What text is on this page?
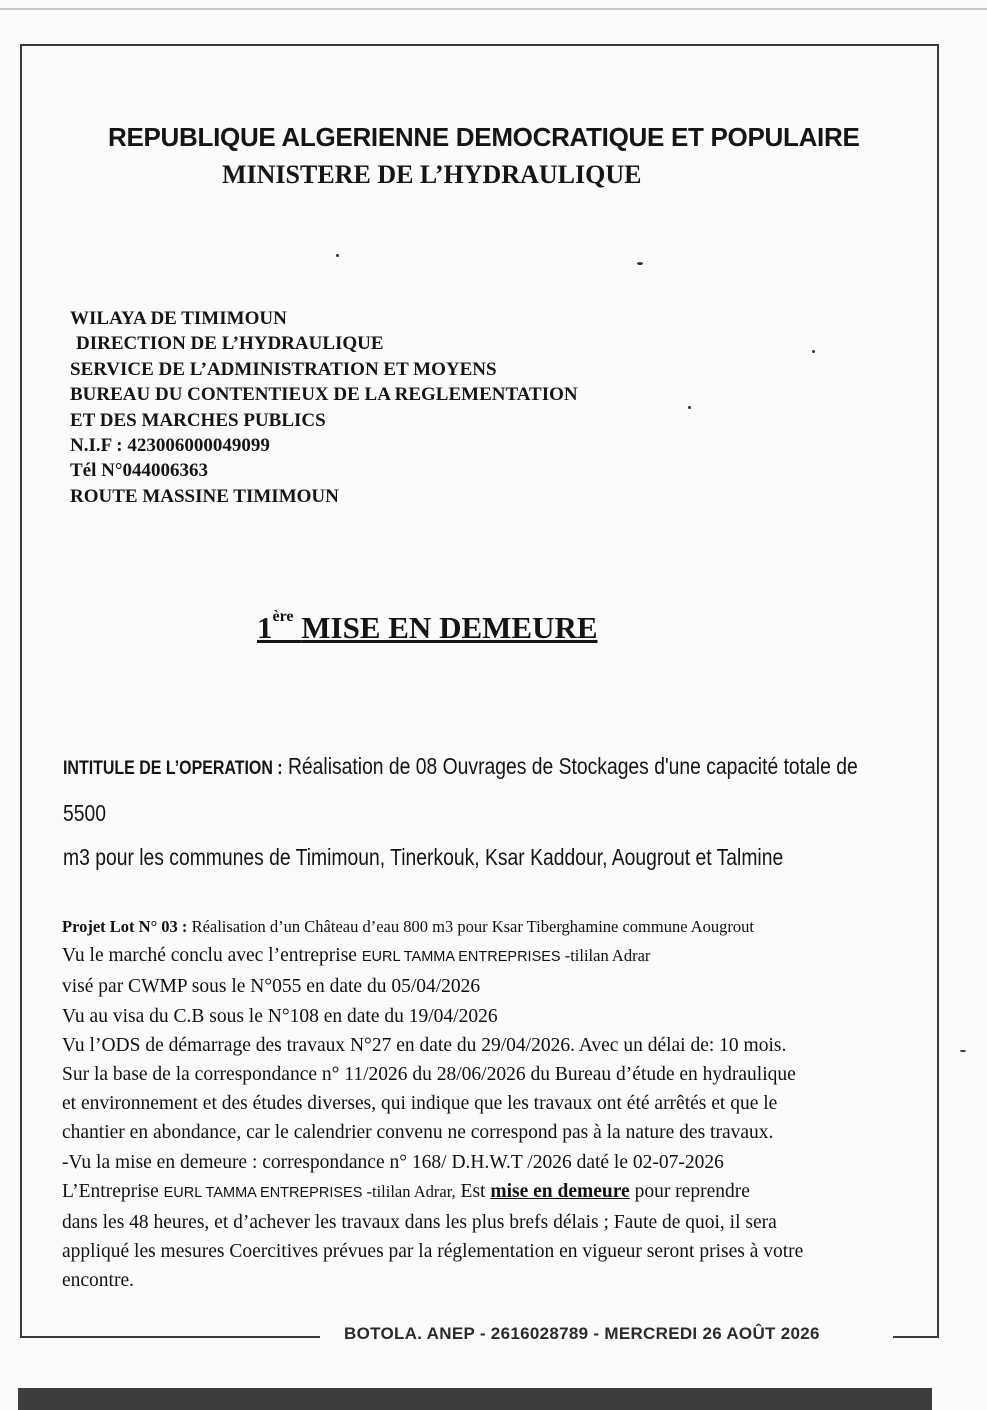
REPUBLIQUE ALGERIENNE DEMOCRATIQUE ET POPULAIRE
MINISTERE DE L’HYDRAULIQUE
WILAYA DE TIMIMOUN
DIRECTION DE L’HYDRAULIQUE
SERVICE DE L’ADMINISTRATION ET MOYENS
BUREAU DU CONTENTIEUX DE LA REGLEMENTATION
ET DES MARCHES PUBLICS
N.I.F : 423006000049099
Tél N°044006363
ROUTE MASSINE TIMIMOUN
1ère MISE EN DEMEURE
INTITULE DE L’OPERATION : Réalisation de 08 Ouvrages de Stockages d'une capacité totale de 5500
m3 pour les communes de Timimoun, Tinerkouk, Ksar Kaddour, Aougrout et Talmine
Projet Lot N° 03 : Réalisation d’un Château d’eau 800 m3 pour Ksar Tiberghamine commune Aougrout
Vu le marché conclu avec l’entreprise EURL TAMMA ENTREPRISES -tililan Adrar
visé par CWMP sous le N°055 en date du 05/04/2026
Vu au visa du C.B sous le N°108 en date du 19/04/2026
Vu l’ODS de démarrage des travaux N°27 en date du 29/04/2026. Avec un délai de: 10 mois.
Sur la base de la correspondance n° 11/2026 du 28/06/2026 du Bureau d’étude en hydraulique
et environnement et des études diverses, qui indique que les travaux ont été arrêtés et que le
chantier en abondance, car le calendrier convenu ne correspond pas à la nature des travaux.
-Vu la mise en demeure : correspondance n° 168/ D.H.W.T /2026 daté le 02-07-2026
L’Entreprise EURL TAMMA ENTREPRISES -tililan Adrar, Est mise en demeure pour reprendre
dans les 48 heures, et d’achever les travaux dans les plus brefs délais ; Faute de quoi, il sera
appliqué les mesures Coercitives prévues par la réglementation en vigueur seront prises à votre
encontre.
BOTOLA. ANEP - 2616028789 - MERCREDI 26 AOÛT 2026
